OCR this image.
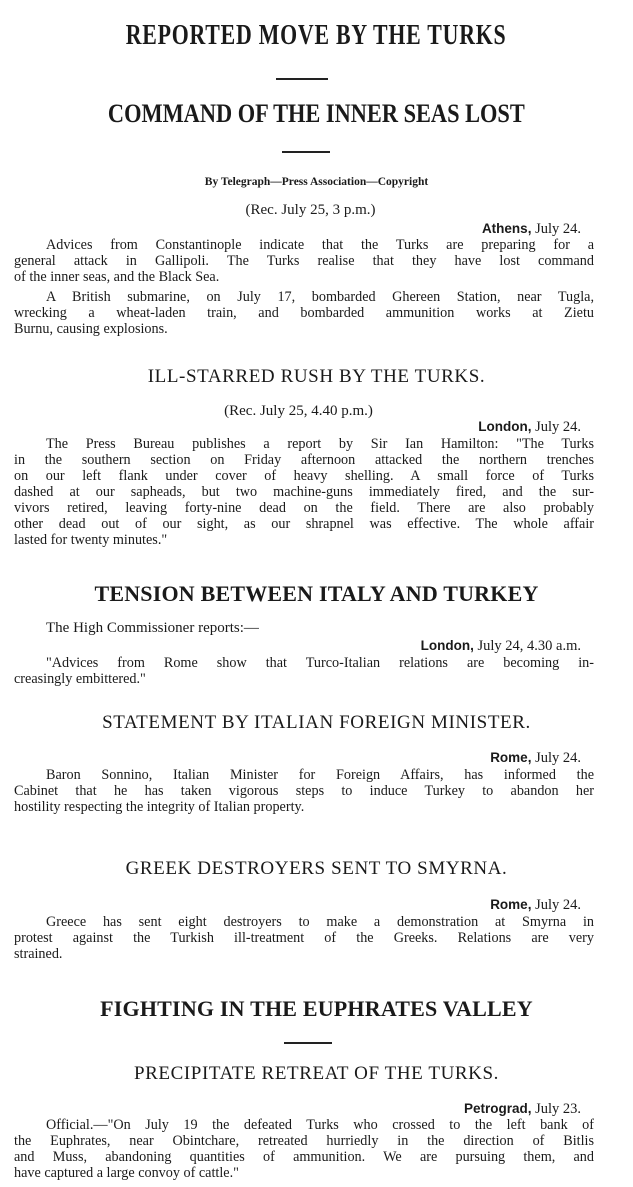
REPORTED MOVE BY THE TURKS
COMMAND OF THE INNER SEAS LOST
By Telegraph—Press Association—Copyright
(Rec. July 25, 3 p.m.)
Athens, July 24.
Advices from Constantinople indicate that the Turks are preparing for a
general attack in Gallipoli. The Turks realise that they have lost command
of the inner seas, and the Black Sea.
A British submarine, on July 17, bombarded Ghereen Station, near Tugla,
wrecking a wheat-laden train, and bombarded ammunition works at Zietu
Burnu, causing explosions.
ILL-STARRED RUSH BY THE TURKS.
(Rec. July 25, 4.40 p.m.)
London, July 24.
The Press Bureau publishes a report by Sir Ian Hamilton: "The Turks
in the southern section on Friday afternoon attacked the northern trenches
on our left flank under cover of heavy shelling. A small force of Turks
dashed at our sapheads, but two machine-guns immediately fired, and the sur-
vivors retired, leaving forty-nine dead on the field. There are also probably
other dead out of our sight, as our shrapnel was effective. The whole affair
lasted for twenty minutes."
TENSION BETWEEN ITALY AND TURKEY
The High Commissioner reports:—
London, July 24, 4.30 a.m.
"Advices from Rome show that Turco-Italian relations are becoming in-
creasingly embittered."
STATEMENT BY ITALIAN FOREIGN MINISTER.
Rome, July 24.
Baron Sonnino, Italian Minister for Foreign Affairs, has informed the
Cabinet that he has taken vigorous steps to induce Turkey to abandon her
hostility respecting the integrity of Italian property.
GREEK DESTROYERS SENT TO SMYRNA.
Rome, July 24.
Greece has sent eight destroyers to make a demonstration at Smyrna in
protest against the Turkish ill-treatment of the Greeks. Relations are very
strained.
FIGHTING IN THE EUPHRATES VALLEY
PRECIPITATE RETREAT OF THE TURKS.
Petrograd, July 23.
Official.—"On July 19 the defeated Turks who crossed to the left bank of
the Euphrates, near Obintchare, retreated hurriedly in the direction of Bitlis
and Muss, abandoning quantities of ammunition. We are pursuing them, and
have captured a large convoy of cattle."
